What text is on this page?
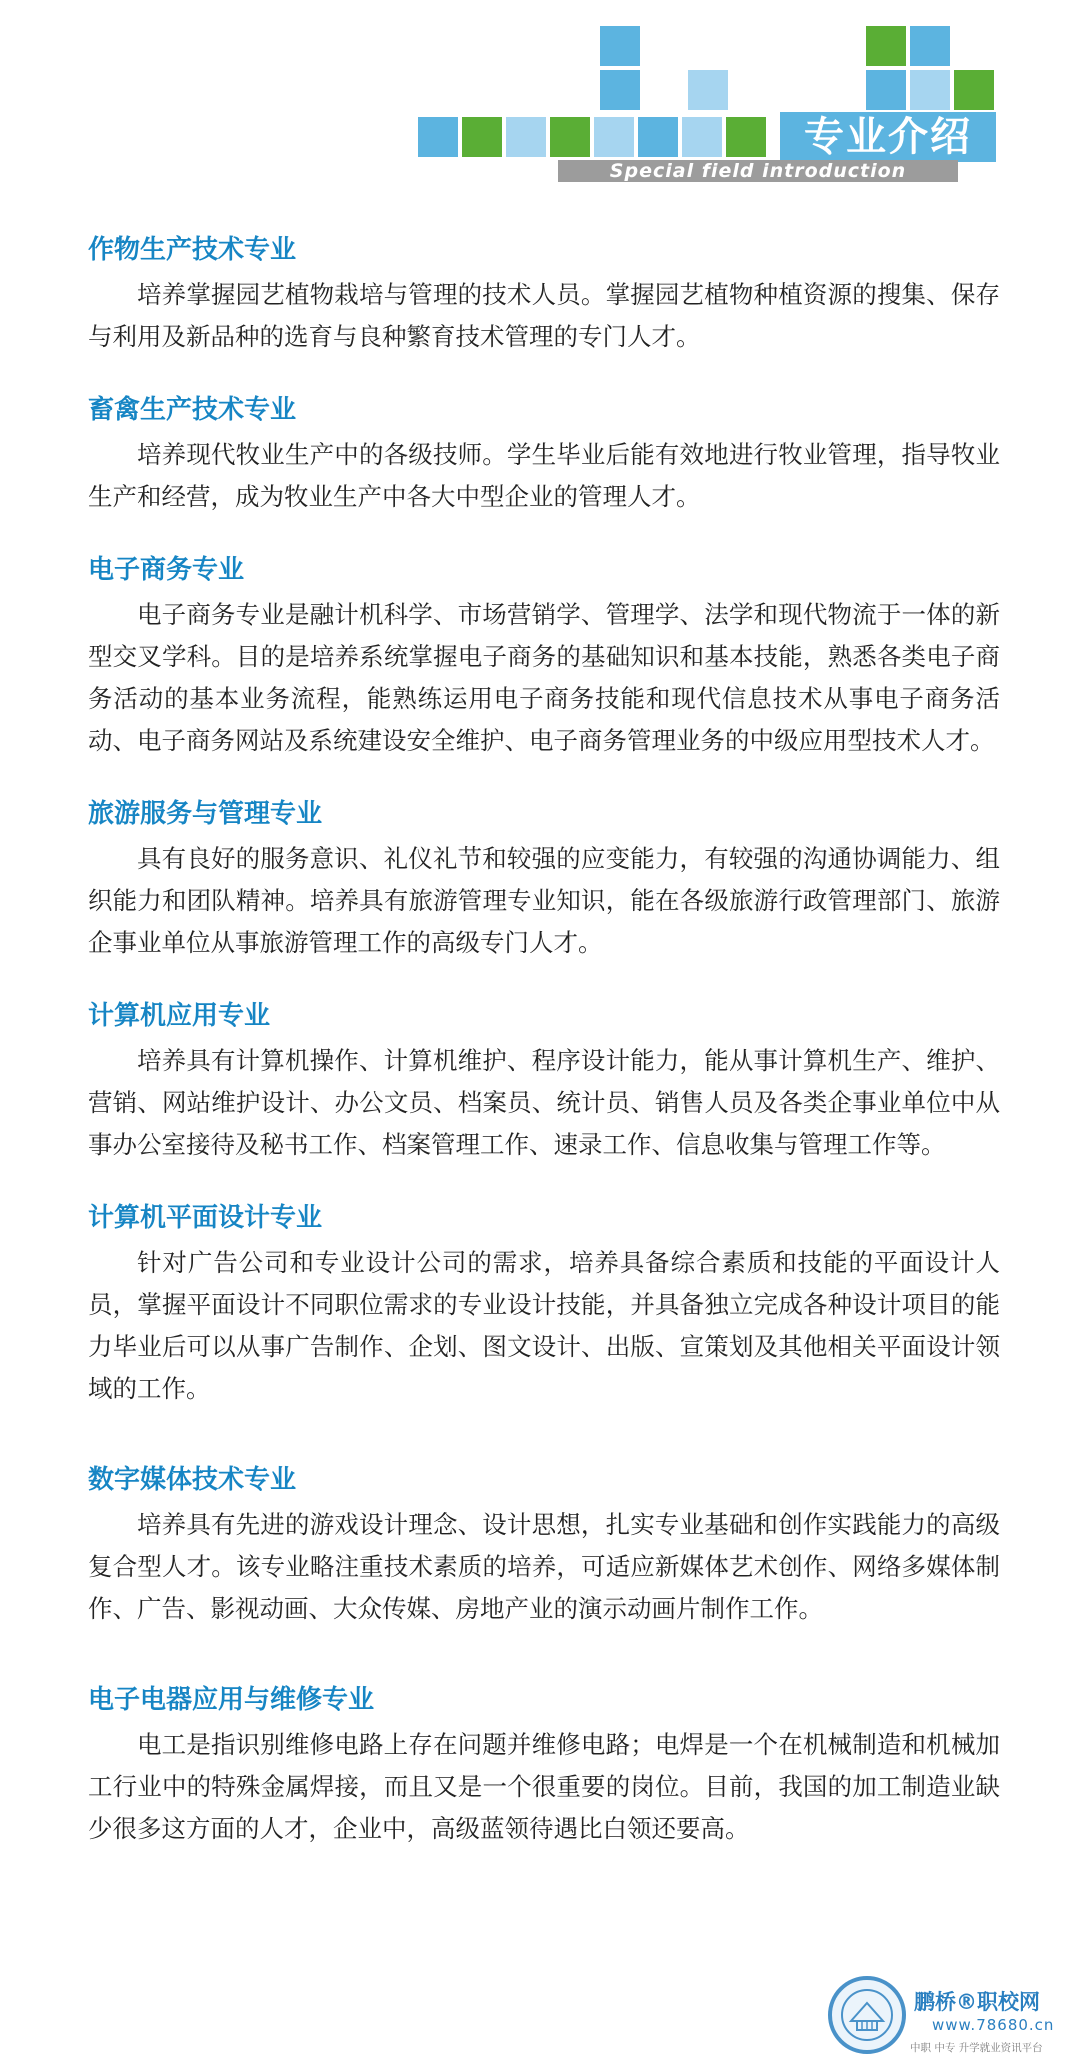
专业介绍
Special field introduction
作物生产技术专业

培养掌握园艺植物栽培与管理的技术人员。掌握园艺植物种植资源的搜集、保存与利用及新品种的选育与良种繁育技术管理的专门人才。

畜禽生产技术专业

培养现代牧业生产中的各级技师。学生毕业后能有效地进行牧业管理，指导牧业生产和经营，成为牧业生产中各大中型企业的管理人才。

电子商务专业

电子商务专业是融计机科学、市场营销学、管理学、法学和现代物流于一体的新型交叉学科。目的是培养系统掌握电子商务的基础知识和基本技能，熟悉各类电子商务活动的基本业务流程，能熟练运用电子商务技能和现代信息技术从事电子商务活动、电子商务网站及系统建设安全维护、电子商务管理业务的中级应用型技术人才。

旅游服务与管理专业

具有良好的服务意识、礼仪礼节和较强的应变能力，有较强的沟通协调能力、组织能力和团队精神。培养具有旅游管理专业知识，能在各级旅游行政管理部门、旅游企事业单位从事旅游管理工作的高级专门人才。

计算机应用专业

培养具有计算机操作、计算机维护、程序设计能力，能从事计算机生产、维护、营销、网站维护设计、办公文员、档案员、统计员、销售人员及各类企事业单位中从事办公室接待及秘书工作、档案管理工作、速录工作、信息收集与管理工作等。

计算机平面设计专业

针对广告公司和专业设计公司的需求，培养具备综合素质和技能的平面设计人员，掌握平面设计不同职位需求的专业设计技能，并具备独立完成各种设计项目的能力毕业后可以从事广告制作、企划、图文设计、出版、宣策划及其他相关平面设计领域的工作。

数字媒体技术专业

培养具有先进的游戏设计理念、设计思想，扎实专业基础和创作实践能力的高级复合型人才。该专业略注重技术素质的培养，可适应新媒体艺术创作、网络多媒体制作、广告、影视动画、大众传媒、房地产业的演示动画片制作工作。

电子电器应用与维修专业

电工是指识别维修电路上存在问题并维修电路；电焊是一个在机械制造和机械加工行业中的特殊金属焊接，而且又是一个很重要的岗位。目前，我国的加工制造业缺少很多这方面的人才，企业中，高级蓝领待遇比白领还要高。

鹏桥®职校网
www.78680.cn
中职 中专 升学就业资讯平台
